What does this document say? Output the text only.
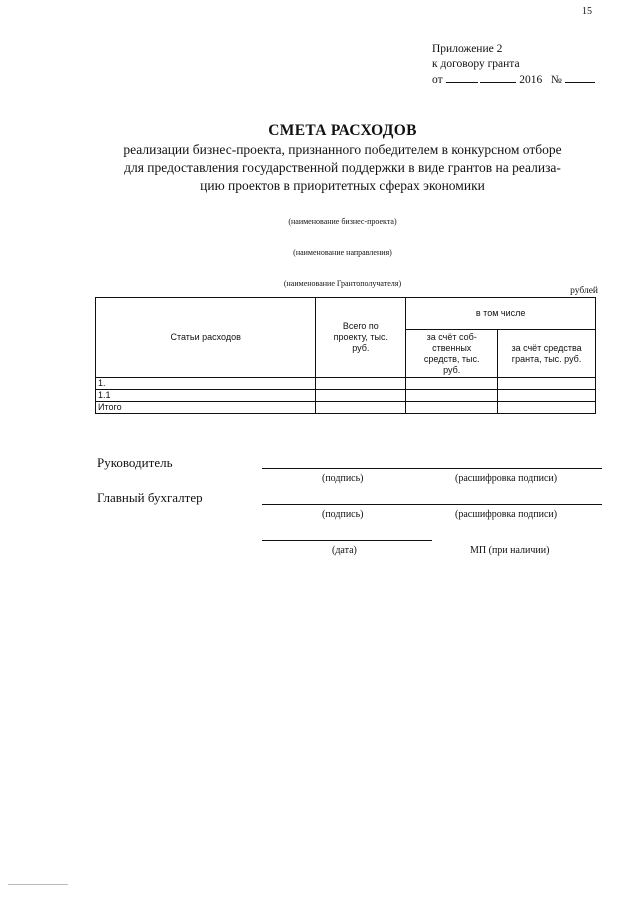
15
Приложение 2
к договору гранта
от	2016 №
СМЕТА РАСХОДОВ
реализации бизнес-проекта, признанного победителем в конкурсном отборе
для предоставления государственной поддержки в виде грантов на реализа-
цию проектов в приоритетных сферах экономики
(наименование бизнес-проекта)
(наименование направления)
(наименование Грантополучателя)
рублей
Статьи расходов	Всего по проекту, тыс. руб.	в том числе	
		за счёт соб-ственных средств, тыс. руб.	за счёт средства гранта, тыс. руб.
1.			
1.1			
Итого			
Руководитель
(подпись)	(расшифровка подписи)
Главный бухгалтер
(подпись)	(расшифровка подписи)
(дата)	МП (при наличии)
